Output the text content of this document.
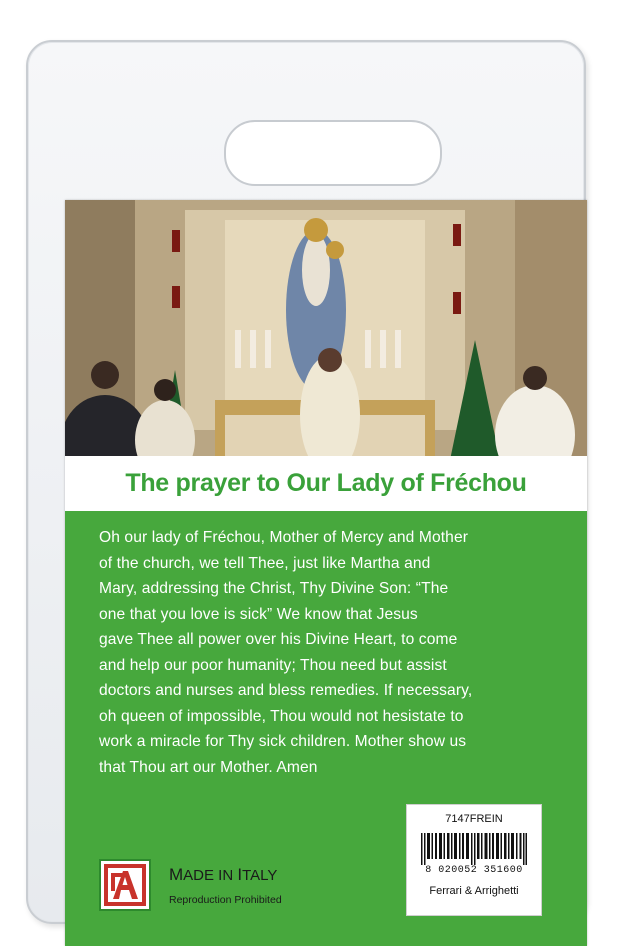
The prayer to Our Lady of Fréchou
Oh our lady of Fréchou, Mother of Mercy and Mother
of the church, we tell Thee, just like Martha and
Mary, addressing the Christ, Thy Divine Son: “The
one that you love is sick” We know that Jesus
gave Thee all power over his Divine Heart, to come
and help our poor humanity; Thou need but assist
doctors and nurses and bless remedies. If necessary,
oh queen of impossible, Thou would not hesistate to
work a miracle for Thy sick children. Mother show us
that Thou art our Mother. Amen
MADE IN ITALY
Reproduction Prohibited
7147FREIN
8 020052 351600
Ferrari & Arrighetti
